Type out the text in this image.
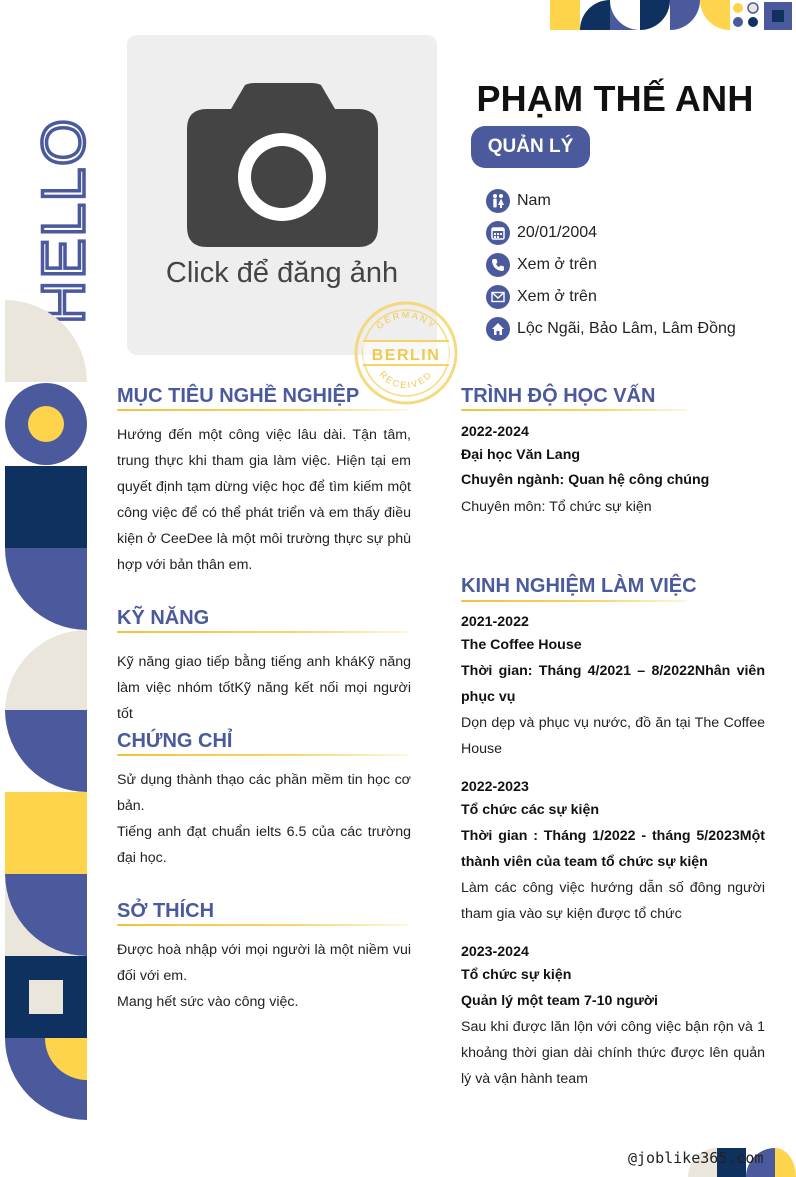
HELLO	Click để đăng ảnh
GERMANY
BERLIN
RECEIVED
PHẠM THẾ ANH
QUẢN LÝ
Nam
20/01/2004
Xem ở trên
Xem ở trên
Lộc Ngãi, Bảo Lâm, Lâm Đồng
MỤC TIÊU NGHỀ NGHIỆP
Hướng đến một công việc lâu dài. Tận tâm, trung thực khi tham gia làm việc. Hiện tại em quyết định tạm dừng việc học để tìm kiếm một công việc để có thể phát triển và em thấy điều kiện ở CeeDee là một môi trường thực sự phù hợp với bản thân em.
KỸ NĂNG
Kỹ năng giao tiếp bằng tiếng anh kháKỹ năng làm việc nhóm tốtKỹ năng kết nối mọi người tốt
CHỨNG CHỈ

Sử dụng thành thạo các phần mềm tin học cơ bản.

Tiếng anh đạt chuẩn ielts 6.5 của các trường đại học.

SỞ THÍCH

Được hoà nhập với mọi người là một niềm vui đối với em.

Mang hết sức vào công việc.

TRÌNH ĐỘ HỌC VẤN
2022-2024
Đại học Văn Lang
Chuyên ngành: Quan hệ công chúng
Chuyên môn: Tổ chức sự kiện
KINH NGHIỆM LÀM VIỆC
2021-2022
The Coffee House
Thời gian: Tháng 4/2021 – 8/2022Nhân viên phục vụ
Dọn dẹp và phục vụ nước, đồ ăn tại The Coffee House
2022-2023
Tổ chức các sự kiện
Thời gian : Tháng 1/2022 - tháng 5/2023Một thành viên của team tổ chức sự kiện
Làm các công việc hướng dẫn số đông người tham gia vào sự kiện được tổ chức
2023-2024
Tổ chức sự kiện
Quản lý một team 7-10 người
Sau khi được lăn lộn với công việc bận rộn và 1 khoảng thời gian dài chính thức được lên quản lý và vận hành team
@joblike365.com
